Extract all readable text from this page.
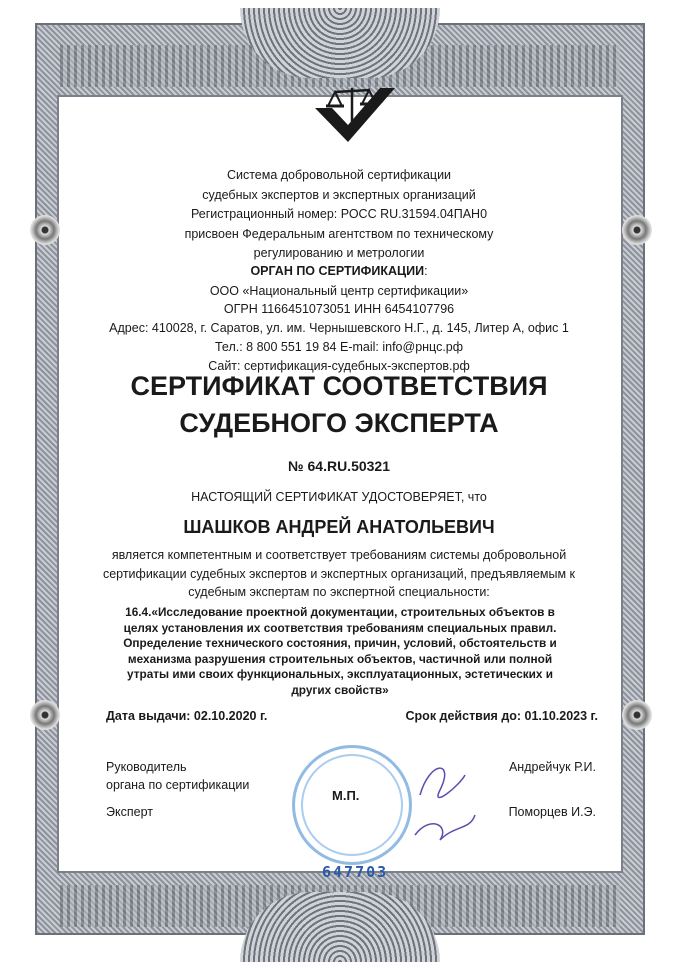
Система добровольной сертификации
судебных экспертов и экспертных организаций
Регистрационный номер: РОСС RU.31594.04ПАН0
присвоен Федеральным агентством по техническому
регулированию и метрологии
ОРГАН ПО СЕРТИФИКАЦИИ:
ООО «Национальный центр сертификации»
ОГРН 1166451073051 ИНН 6454107796
Адрес: 410028, г. Саратов, ул. им. Чернышевского Н.Г., д. 145, Литер А, офис 1
Тел.: 8 800 551 19 84 E-mail: info@рнцс.рф
Сайт: сертификация-судебных-экспертов.рф
СЕРТИФИКАТ СООТВЕТСТВИЯ
СУДЕБНОГО ЭКСПЕРТА
№ 64.RU.50321
НАСТОЯЩИЙ СЕРТИФИКАТ УДОСТОВЕРЯЕТ, что
ШАШКОВ АНДРЕЙ АНАТОЛЬЕВИЧ
является компетентным и соответствует требованиям системы добровольной
сертификации судебных экспертов и экспертных организаций, предъявляемым к
судебным экспертам по экспертной специальности:
16.4.«Исследование проектной документации, строительных объектов в целях установления их соответствия требованиям специальных правил. Определение технического состояния, причин, условий, обстоятельств и механизма разрушения строительных объектов, частичной или полной утраты ими своих функциональных, эксплуатационных, эстетических и других свойств»
Дата выдачи: 02.10.2020 г.	Срок действия до: 01.10.2023 г.
Руководитель
органа по сертификации
Андрейчук Р.И.
Эксперт	Поморцев И.Э.
М.П.
647703
